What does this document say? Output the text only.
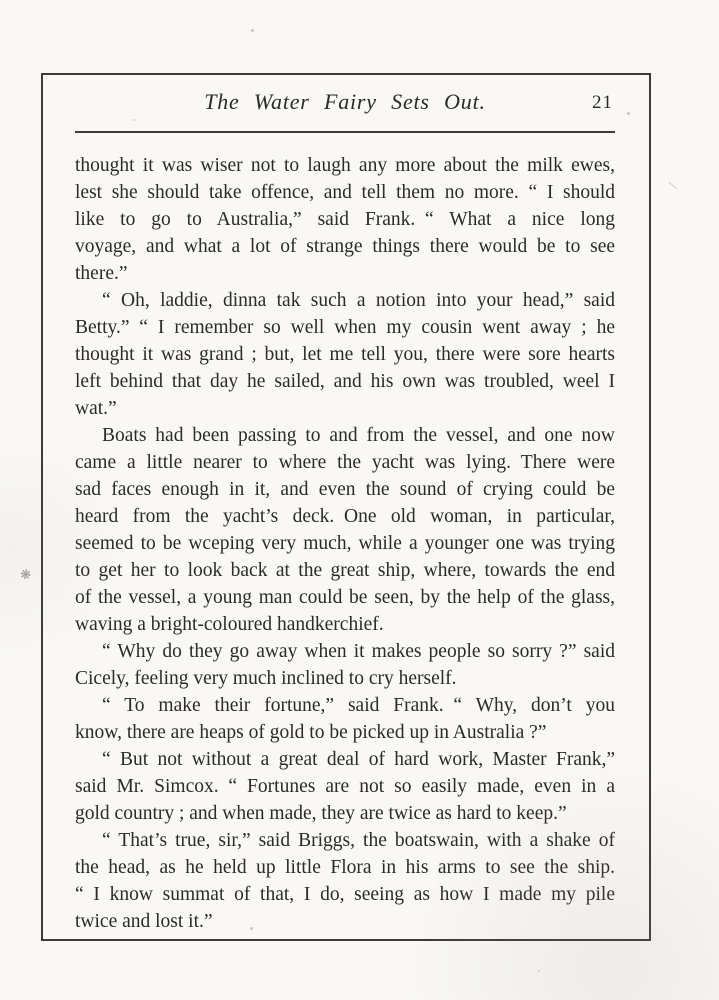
The Water Fairy Sets Out.	21
thought it was wiser not to laugh any more about the milk ewes,
lest she should take offence, and tell them no more. “ I should
like to go to Australia,” said Frank. “ What a nice long
voyage, and what a lot of strange things there would be to see
there.”
“ Oh, laddie, dinna tak such a notion into your head,” said
Betty.” “ I remember so well when my cousin went away ; he
thought it was grand ; but, let me tell you, there were sore hearts
left behind that day he sailed, and his own was troubled, weel I
wat.”
Boats had been passing to and from the vessel, and one now
came a little nearer to where the yacht was lying. There were
sad faces enough in it, and even the sound of crying could be
heard from the yacht’s deck. One old woman, in particular,
seemed to be wceping very much, while a younger one was trying
to get her to look back at the great ship, where, towards the end
of the vessel, a young man could be seen, by the help of the glass,
waving a bright-coloured handkerchief.
“ Why do they go away when it makes people so sorry ?” said
Cicely, feeling very much inclined to cry herself.
“ To make their fortune,” said Frank. “ Why, don’t you
know, there are heaps of gold to be picked up in Australia ?”
“ But not without a great deal of hard work, Master Frank,”
said Mr. Simcox. “ Fortunes are not so easily made, even in a
gold country ; and when made, they are twice as hard to keep.”
“ That’s true, sir,” said Briggs, the boatswain, with a shake of
the head, as he held up little Flora in his arms to see the ship.
“ I know summat of that, I do, seeing as how I made my pile
twice and lost it.”
❋
